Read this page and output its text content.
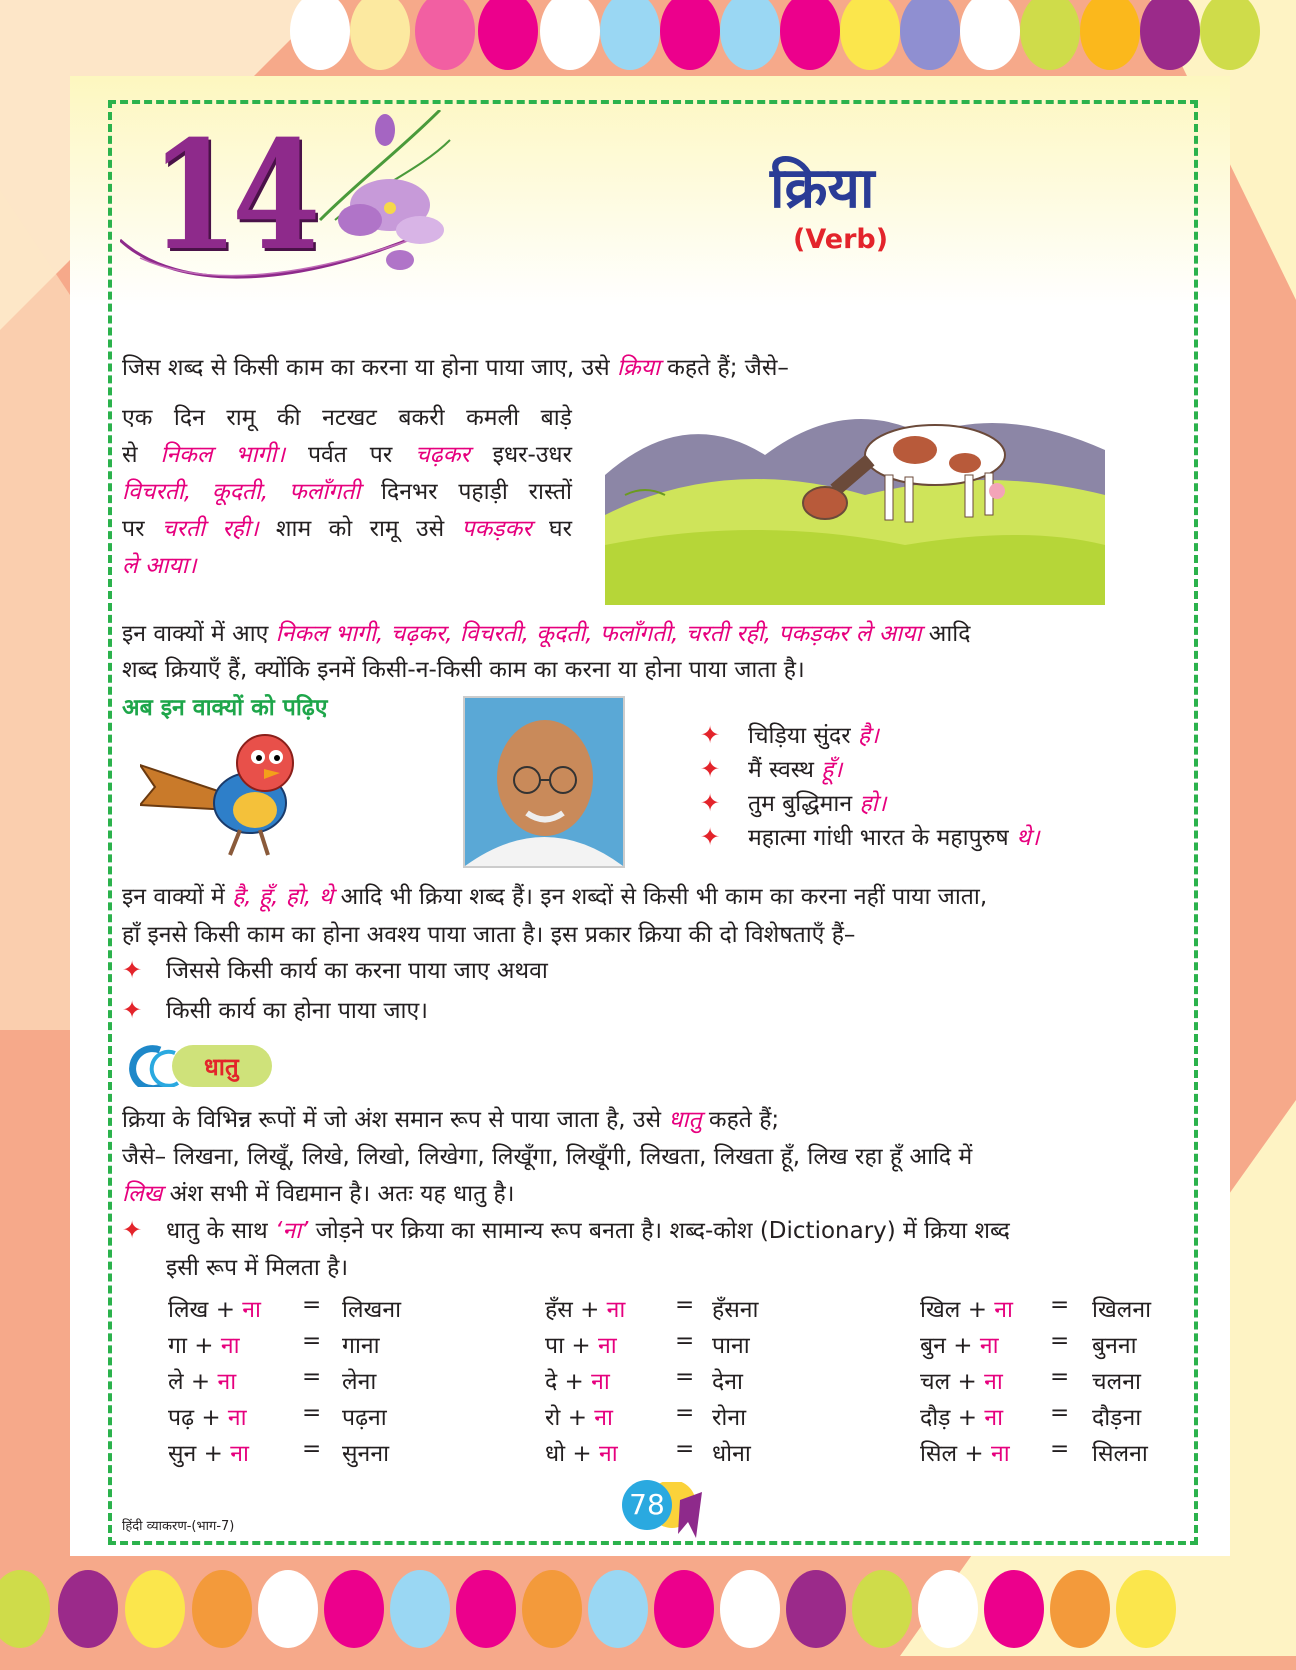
14	क्रिया
(Verb)
जिस शब्द से किसी काम का करना या होना पाया जाए, उसे क्रिया कहते हैं; जैसे–
एक दिन रामू की नटखट बकरी कमली बाड़े
से निकल भागी। पर्वत पर चढ़कर इधर-उधर
विचरती, कूदती, फलाँगती दिनभर पहाड़ी रास्तों
पर चरती रही। शाम को रामू उसे पकड़कर घर
ले आया।
इन वाक्यों में आए निकल भागी, चढ़कर, विचरती, कूदती, फलाँगती, चरती रही, पकड़कर ले आया आदि
शब्द क्रियाएँ हैं, क्योंकि इनमें किसी-न-किसी काम का करना या होना पाया जाता है।
अब इन वाक्यों को पढ़िए
✦ चिड़िया सुंदर है।
✦ मैं स्वस्थ हूँ।
✦ तुम बुद्धिमान हो।
✦ महात्मा गांधी भारत के महापुरुष थे।
इन वाक्यों में है, हूँ, हो, थे आदि भी क्रिया शब्द हैं। इन शब्दों से किसी भी काम का करना नहीं पाया जाता,
हाँ इनसे किसी काम का होना अवश्य पाया जाता है। इस प्रकार क्रिया की दो विशेषताएँ हैं–
✦ जिससे किसी कार्य का करना पाया जाए अथवा
✦ किसी कार्य का होना पाया जाए।
धातु
क्रिया के विभिन्न रूपों में जो अंश समान रूप से पाया जाता है, उसे धातु कहते हैं;
जैसे– लिखना, लिखूँ, लिखे, लिखो, लिखेगा, लिखूँगा, लिखूँगी, लिखता, लिखता हूँ, लिख रहा हूँ आदि में
लिख अंश सभी में विद्यमान है। अतः यह धातु है।
✦ धातु के साथ ‘ना’ जोड़ने पर क्रिया का सामान्य रूप बनता है। शब्द-कोश (Dictionary) में क्रिया शब्द
इसी रूप में मिलता है।
लिख + ना = लिखना
गा + ना	= गाना
ले + ना	= लेना
पढ़ + ना = पढ़ना
सुन + ना = सुनना
हँस + ना = हँसना
पा + ना	= पाना
दे + ना	= देना
रो + ना	= रोना
धो + ना = धोना
खिल + ना = खिलना
बुन + ना = बुनना
चल + ना = चलना
दौड़ + ना = दौड़ना
सिल + ना = सिलना
78
हिंदी व्याकरण-(भाग-7)
